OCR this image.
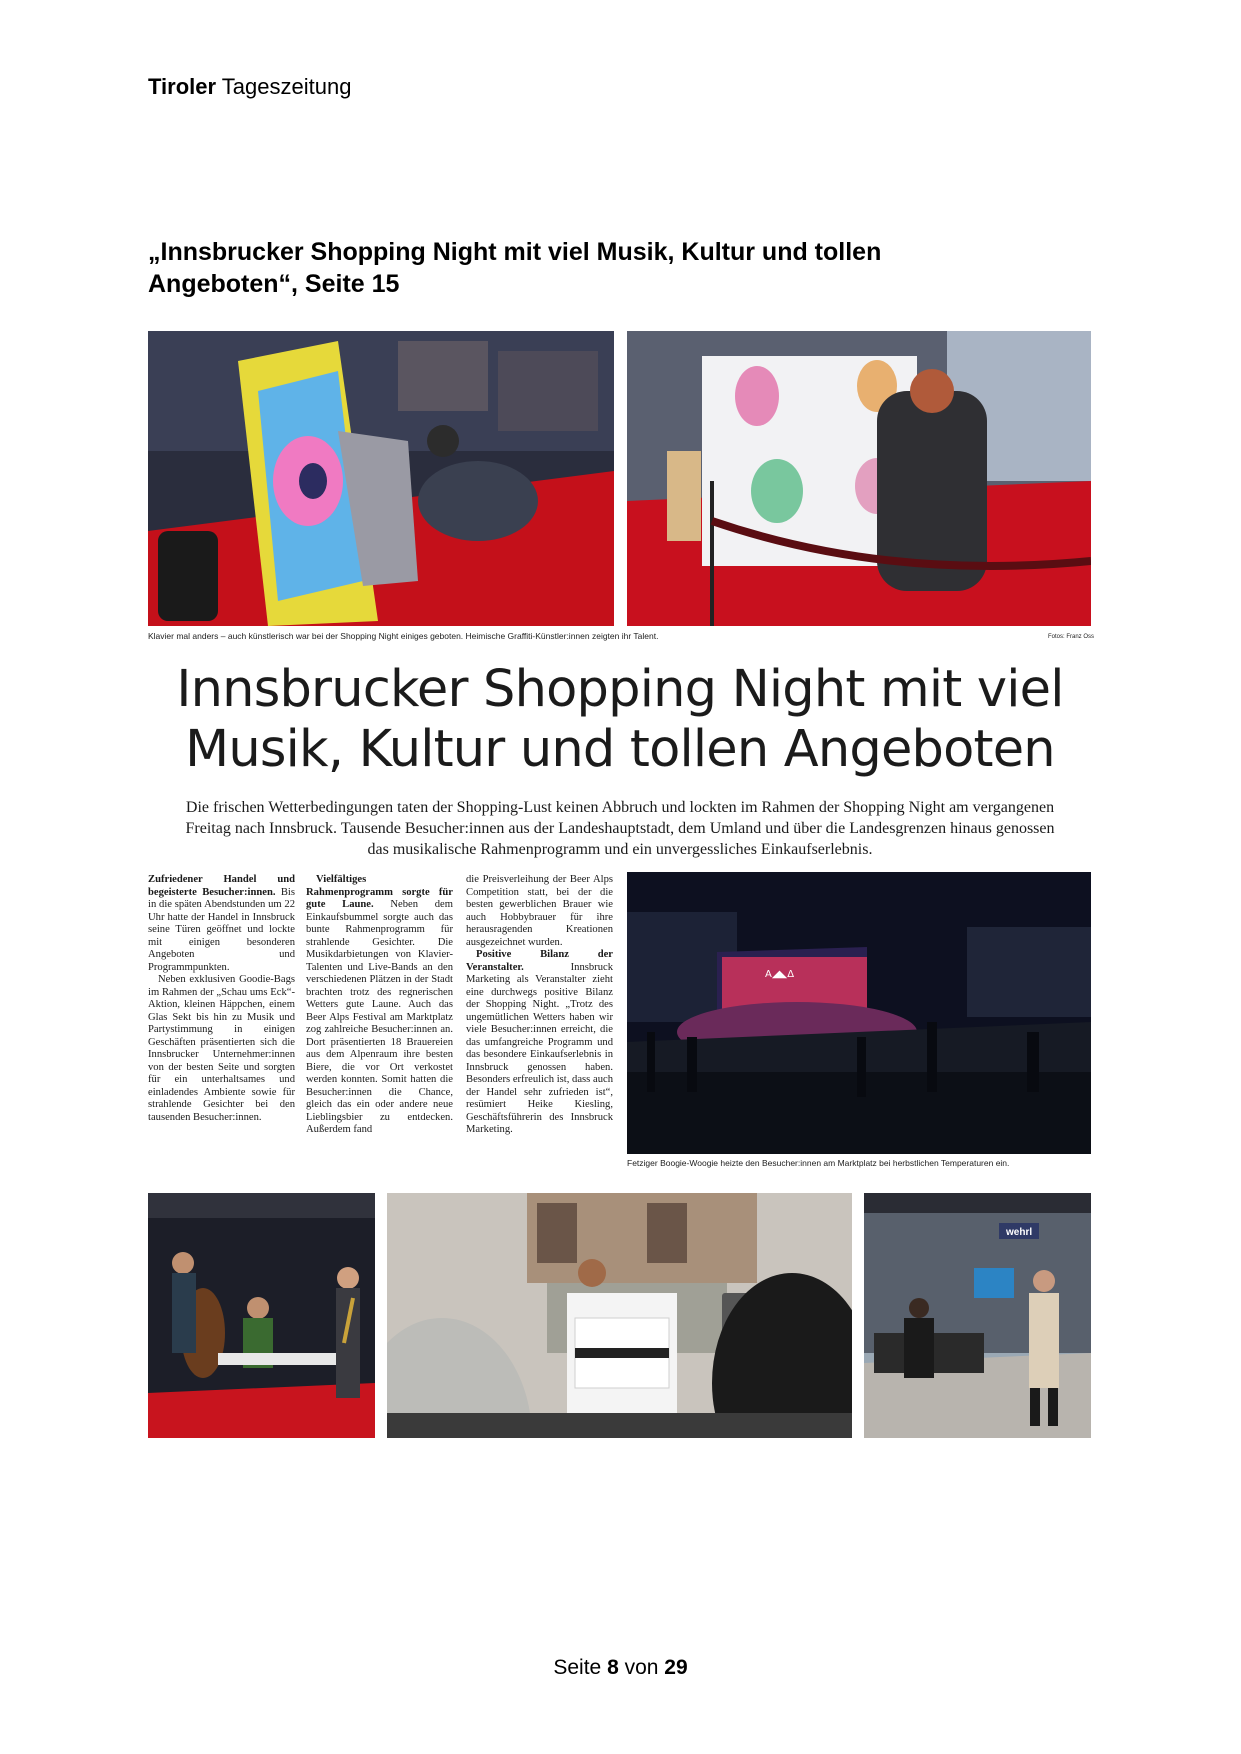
Tiroler Tageszeitung
„Innsbrucker Shopping Night mit viel Musik, Kultur und tollen Angeboten“, Seite 15
Klavier mal anders – auch künstlerisch war bei der Shopping Night einiges geboten. Heimische Graffiti-Künstler:innen zeigten ihr Talent.	Fotos: Franz Oss
Innsbrucker Shopping Night mit viel
Musik, Kultur und tollen Angeboten
Die frischen Wetterbedingungen taten der Shopping-Lust keinen Abbruch und lockten im Rahmen der Shopping Night am vergangenen Freitag nach Innsbruck. Tausende Besucher:innen aus der Landeshauptstadt, dem Umland und über die Landesgrenzen hinaus genossen das musikalische Rahmenprogramm und ein unvergessliches Einkaufserlebnis.

Zufriedener Handel und begeisterte Besucher:innen. Bis in die späten Abendstunden um 22 Uhr hatte der Handel in Innsbruck seine Türen geöffnet und lockte mit einigen besonderen Angeboten und Programmpunkten.

Neben exklusiven Goodie-Bags im Rahmen der „Schau ums Eck“-Aktion, kleinen Häppchen, einem Glas Sekt bis hin zu Musik und Partystimmung in einigen Geschäften präsentierten sich die Innsbrucker Unternehmer:innen von der besten Seite und sorgten für ein unterhaltsames und einladendes Ambiente sowie für strahlende Gesichter bei den tausenden Besucher:innen.

Vielfältiges Rahmenprogramm sorgte für gute Laune. Neben dem Einkaufsbummel sorgte auch das bunte Rahmenprogramm für strahlende Gesichter. Die Musikdarbietungen von Klavier-Talenten und Live-Bands an den verschiedenen Plätzen in der Stadt brachten trotz des regnerischen Wetters gute Laune. Auch das Beer Alps Festival am Marktplatz zog zahlreiche Besucher:innen an. Dort präsentierten 18 Brauereien aus dem Alpenraum ihre besten Biere, die vor Ort verkostet werden konnten. Somit hatten die Besucher:innen die Chance, gleich das ein oder andere neue Lieblingsbier zu entdecken. Außerdem fand

die Preisverleihung der Beer Alps Competition statt, bei der die besten gewerblichen Brauer wie auch Hobbybrauer für ihre herausragenden Kreationen ausgezeichnet wurden.

Positive Bilanz der Veranstalter. Innsbruck Marketing als Veranstalter zieht eine durchwegs positive Bilanz der Shopping Night. „Trotz des ungemütlichen Wetters haben wir viele Besucher:innen erreicht, die das umfangreiche Programm und das besondere Einkaufserlebnis in Innsbruck genossen haben. Besonders erfreulich ist, dass auch der Handel sehr zufrieden ist“, resümiert Heike Kiesling, Geschäftsführerin des Innsbruck Marketing.

A◢◣Δ
Fetziger Boogie-Woogie heizte den Besucher:innen am Marktplatz bei herbstlichen Temperaturen ein.
wehrl
Seite 8 von 29
